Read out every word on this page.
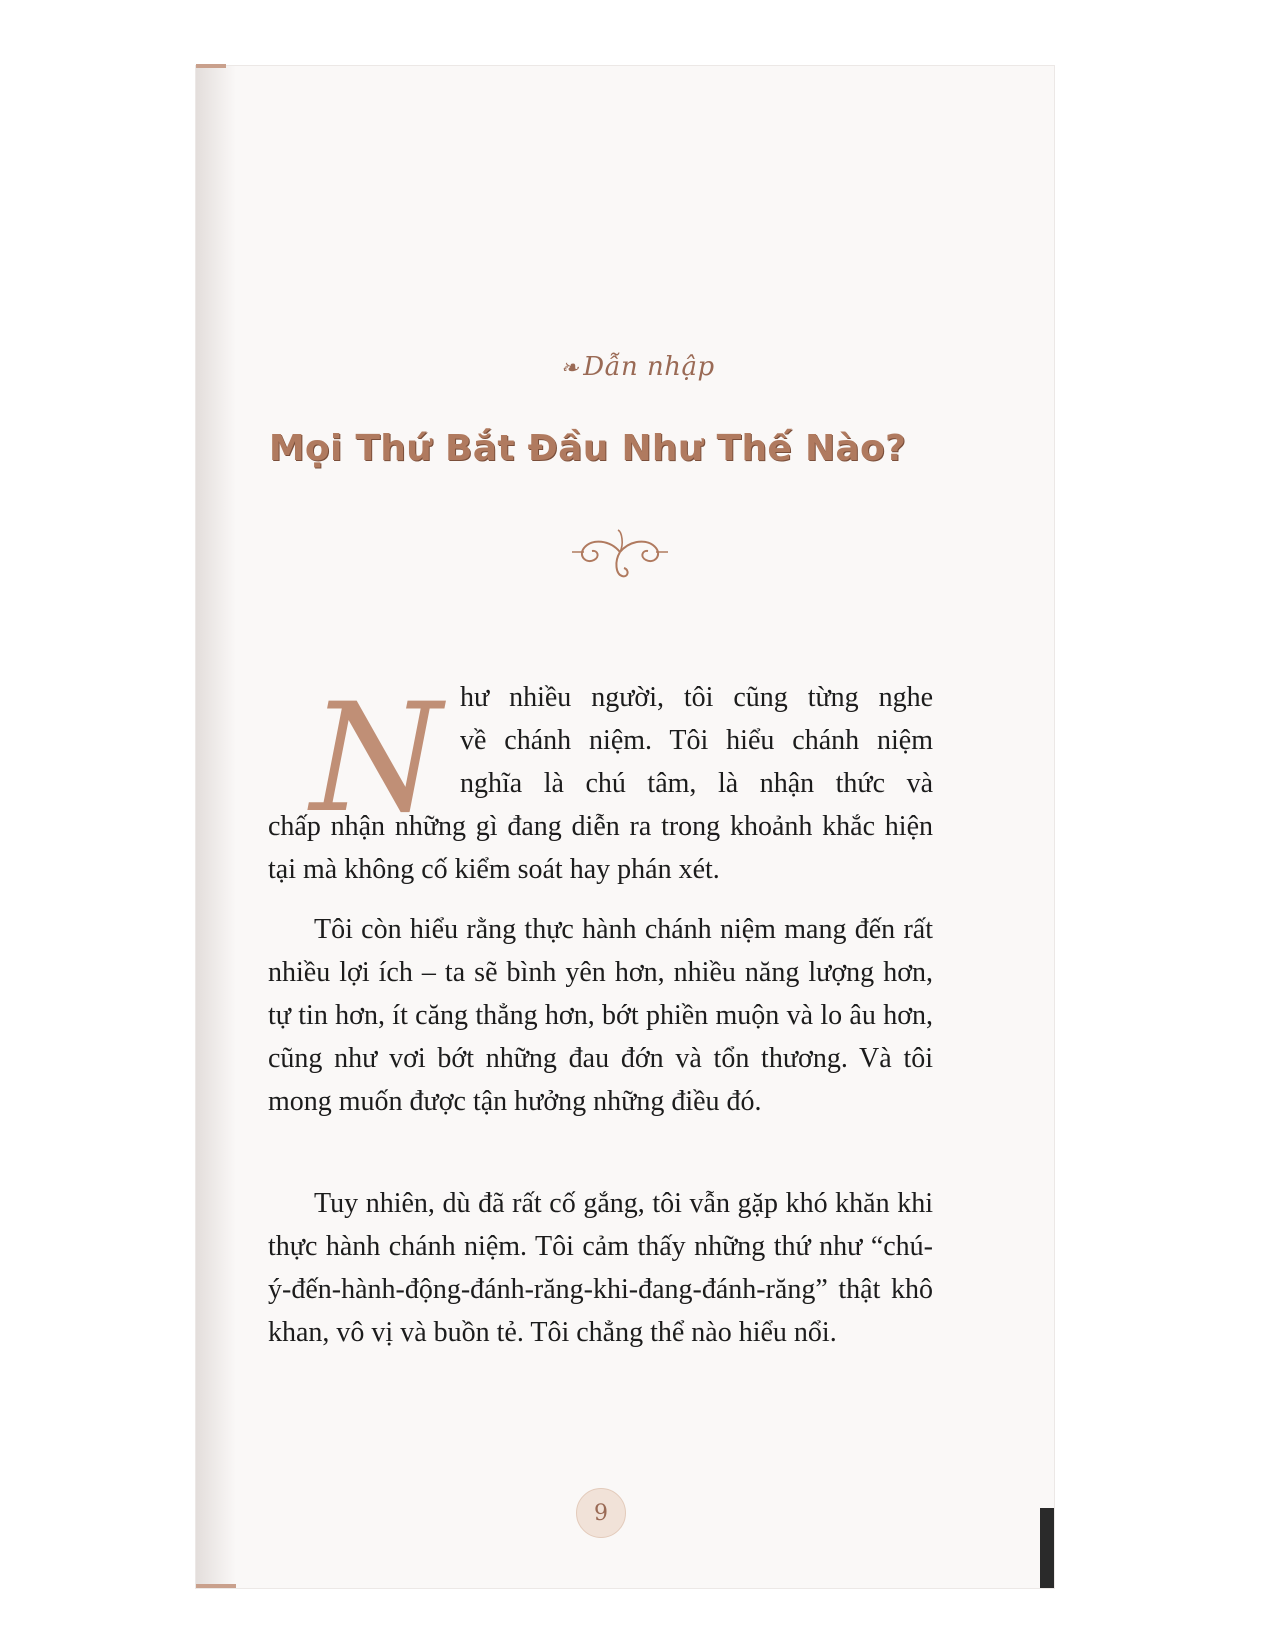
❧ Dẫn nhập
Mọi Thứ Bắt Đầu Như Thế Nào?
N hư nhiều người, tôi cũng từng nghe

về chánh niệm. Tôi hiểu chánh niệm

nghĩa là chú tâm, là nhận thức và

chấp nhận những gì đang diễn ra trong khoảnh khắc hiện tại mà không cố kiểm soát hay phán xét.

Tôi còn hiểu rằng thực hành chánh niệm mang đến rất nhiều lợi ích – ta sẽ bình yên hơn, nhiều năng lượng hơn, tự tin hơn, ít căng thẳng hơn, bớt phiền muộn và lo âu hơn, cũng như vơi bớt những đau đớn và tổn thương. Và tôi mong muốn được tận hưởng những điều đó.

Tuy nhiên, dù đã rất cố gắng, tôi vẫn gặp khó khăn khi thực hành chánh niệm. Tôi cảm thấy những thứ như “chú-ý-đến-hành-động-đánh-răng-khi-đang-đánh-răng” thật khô khan, vô vị và buồn tẻ. Tôi chẳng thể nào hiểu nổi.

9
